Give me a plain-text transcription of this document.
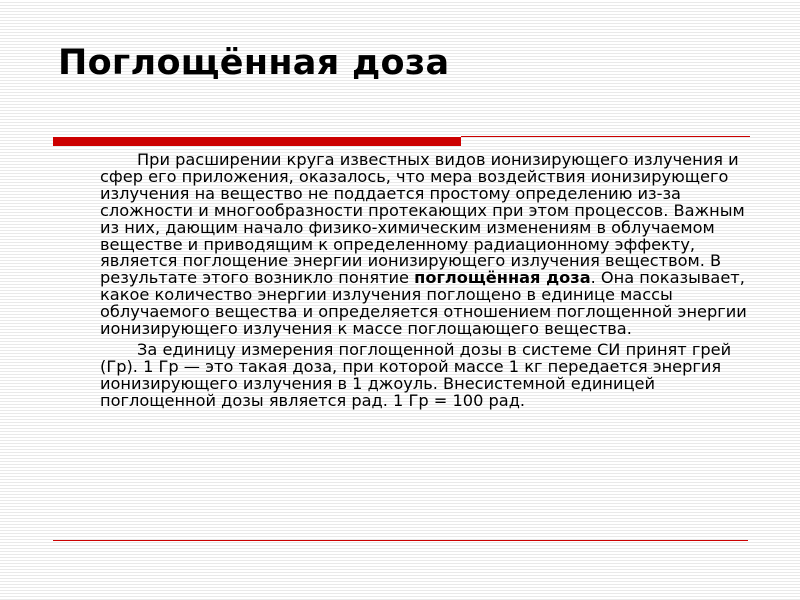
Поглощённая доза

При расширении круга известных видов ионизирующего излучения и сфер его приложения, оказалось, что мера воздействия ионизирующего излучения на вещество не поддается простому определению из-за сложности и многообразности протекающих при этом процессов. Важным из них, дающим начало физико-химическим изменениям в облучаемом веществе и приводящим к определенному радиационному эффекту, является поглощение энергии ионизирующего излучения веществом. В результате этого возникло понятие поглощённая доза. Она показывает, какое количество энергии излучения поглощено в единице массы облучаемого вещества и определяется отношением поглощенной энергии ионизирующего излучения к массе поглощающего вещества.

За единицу измерения поглощенной дозы в системе СИ принят грей (Гр). 1 Гр — это такая доза, при которой массе 1 кг передается энергия ионизирующего излучения в 1 джоуль. Внесистемной единицей поглощенной дозы является рад. 1 Гр = 100 рад.
